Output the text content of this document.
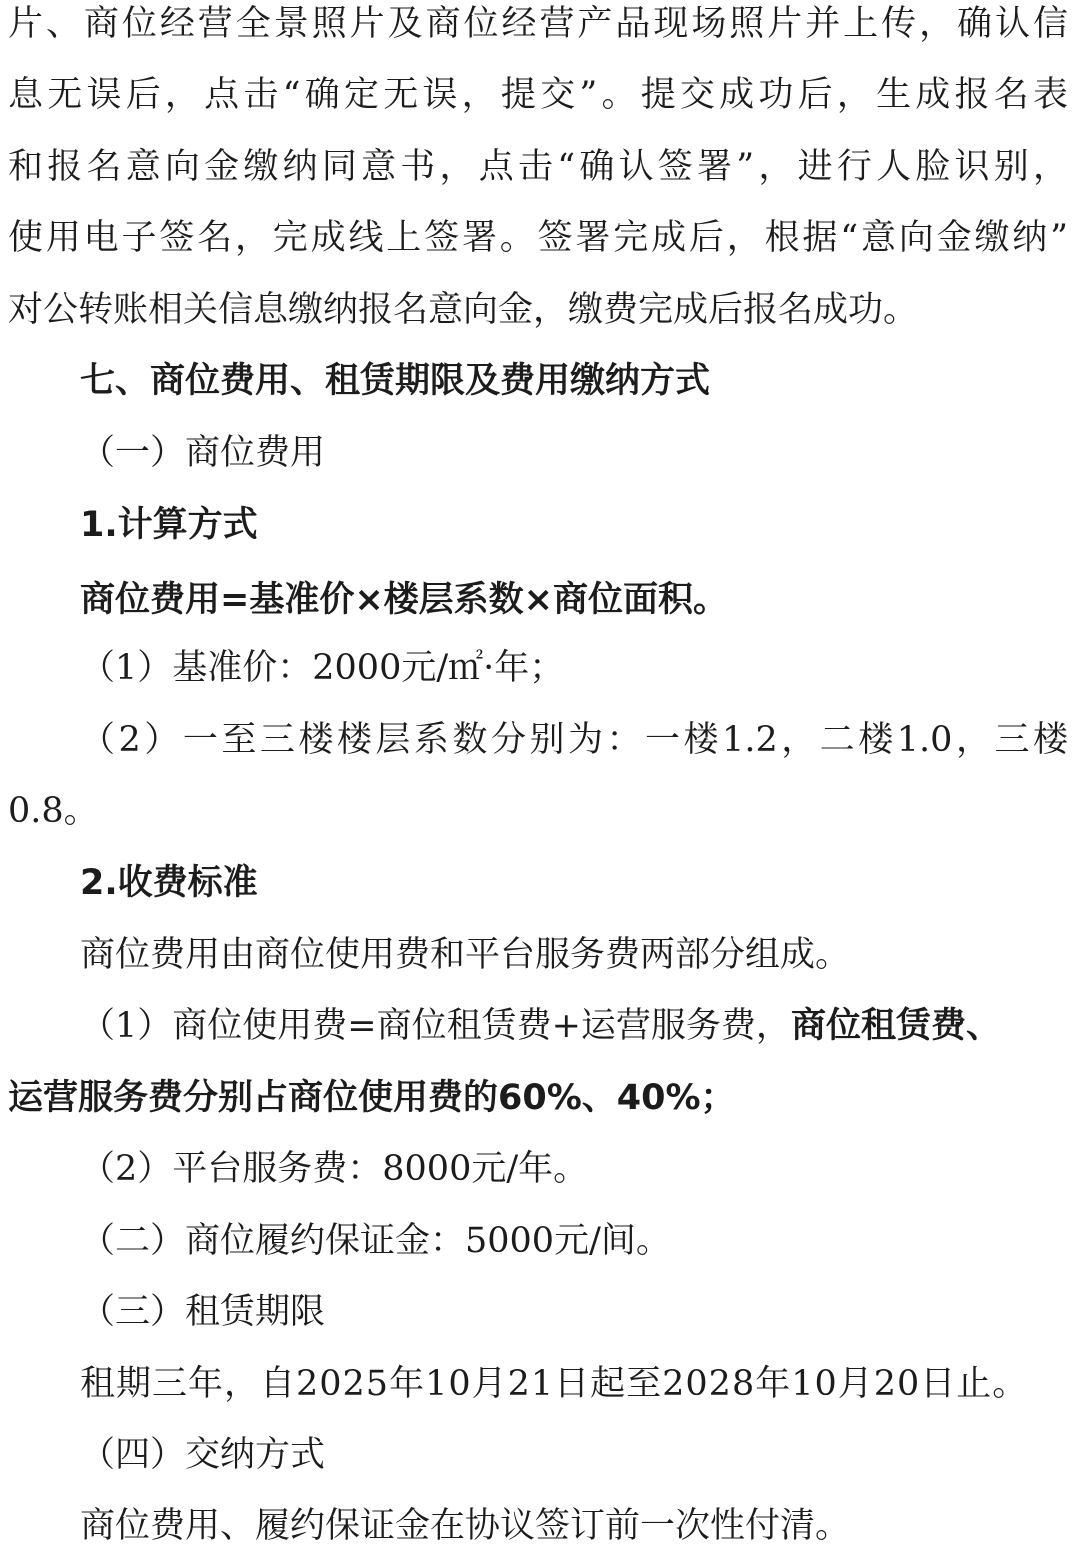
片、商位经营全景照片及商位经营产品现场照片并上传，确认信

息无误后，点击“确定无误，提交”。提交成功后，生成报名表

和报名意向金缴纳同意书，点击“确认签署”，进行人脸识别，

使用电子签名，完成线上签署。签署完成后，根据“意向金缴纳”

对公转账相关信息缴纳报名意向金，缴费完成后报名成功。

七、商位费用、租赁期限及费用缴纳方式

（一）商位费用

1.计算方式

商位费用=基准价×楼层系数×商位面积。

（1）基准价：2000元/㎡·年；

（2）一至三楼楼层系数分别为：一楼1.2，二楼1.0，三楼

0.8。

2.收费标准

商位费用由商位使用费和平台服务费两部分组成。

（1）商位使用费=商位租赁费+运营服务费，商位租赁费、

运营服务费分别占商位使用费的60%、40%；

（2）平台服务费：8000元/年。

（二）商位履约保证金：5000元/间。

（三）租赁期限

租期三年，自2025年10月21日起至2028年10月20日止。

（四）交纳方式

商位费用、履约保证金在协议签订前一次性付清。
